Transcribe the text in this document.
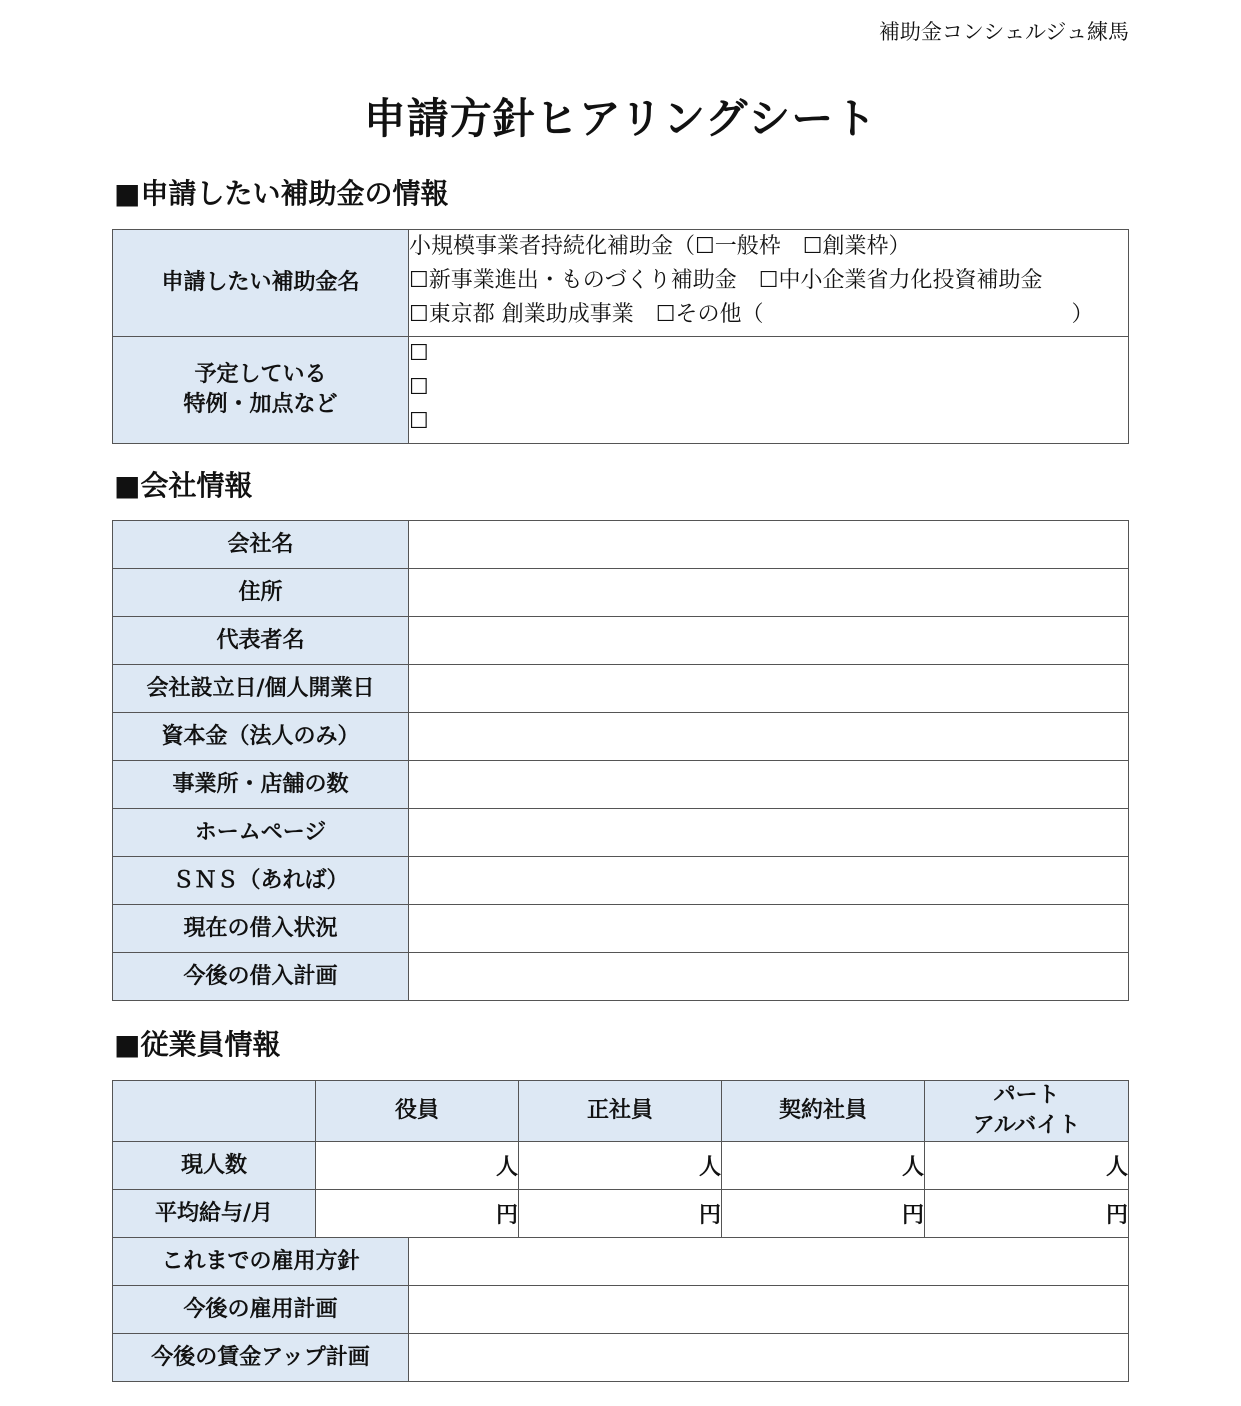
補助金コンシェルジュ練馬
申請方針ヒアリングシート
■申請したい補助金の情報
申請したい補助金名	小規模事業者持続化補助金（☐一般枠　☐創業枠）
☐新事業進出・ものづくり補助金　☐中小企業省力化投資補助金
☐東京都 創業助成事業　☐その他（　　　　　　　　　　　　　　）

予定している
特例・加点など	☐
☐
☐
■会社情報
会社名	
住所	
代表者名	
会社設立日/個人開業日	
資本金（法人のみ）	
事業所・店舗の数	
ホームページ	
ＳＮＳ（あれば）	
現在の借入状況	
今後の借入計画	
■従業員情報
	役員	正社員	契約社員	パート
アルバイト

現人数	人	人	人	人
平均給与/月	円	円	円	円
これまでの雇用方針	
今後の雇用計画	
今後の賃金アップ計画	
